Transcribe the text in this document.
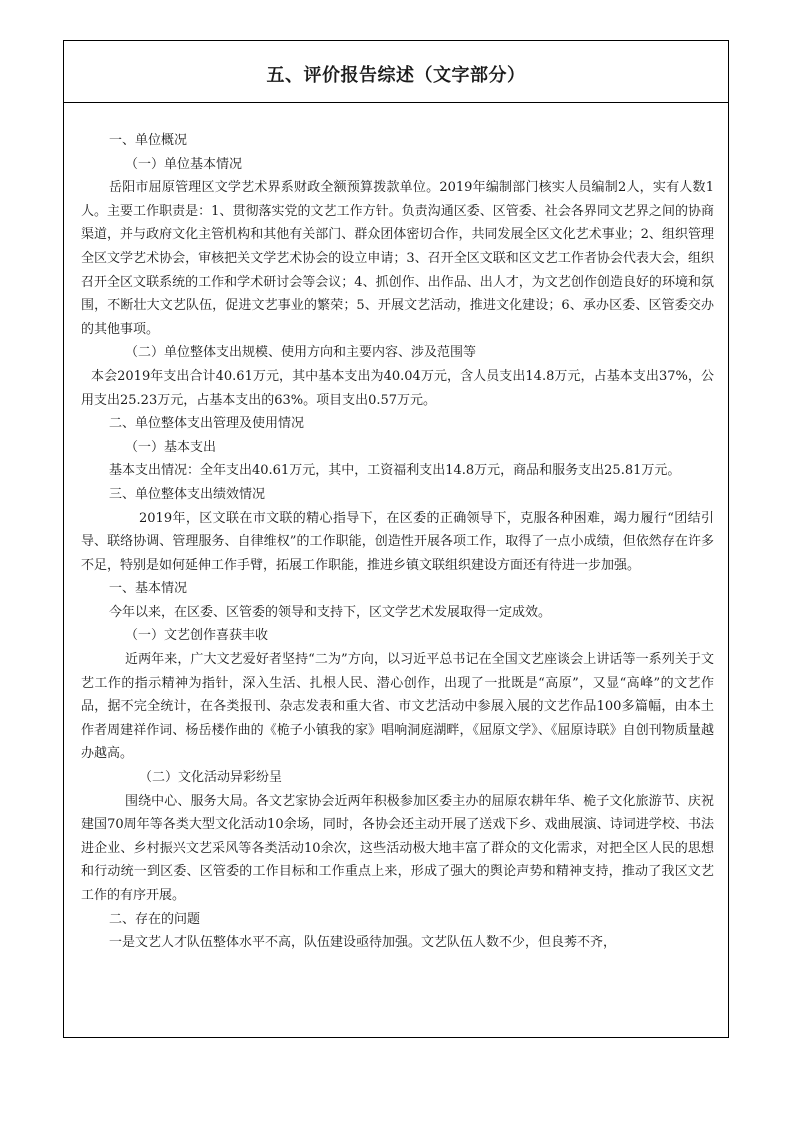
五、评价报告综述（文字部分）

一、单位概况

（一）单位基本情况

岳阳市屈原管理区文学艺术界系财政全额预算拨款单位。2019年编制部门核实人员编制2人，实有人数1人。主要工作职责是：1、贯彻落实党的文艺工作方针。负责沟通区委、区管委、社会各界同文艺界之间的协商渠道，并与政府文化主管机构和其他有关部门、群众团体密切合作，共同发展全区文化艺术事业；2、组织管理全区文学艺术协会，审核把关文学艺术协会的设立申请；3、召开全区文联和区文艺工作者协会代表大会，组织召开全区文联系统的工作和学术研讨会等会议；4、抓创作、出作品、出人才，为文艺创作创造良好的环境和氛围，不断壮大文艺队伍，促进文艺事业的繁荣；5、开展文艺活动，推进文化建设；6、承办区委、区管委交办的其他事项。

（二）单位整体支出规模、使用方向和主要内容、涉及范围等

本会2019年支出合计40.61万元，其中基本支出为40.04万元，含人员支出14.8万元，占基本支出37%，公用支出25.23万元，占基本支出的63%。项目支出0.57万元。

二、单位整体支出管理及使用情况

（一）基本支出

基本支出情况：全年支出40.61万元，其中，工资福利支出14.8万元，商品和服务支出25.81万元。

三、单位整体支出绩效情况

2019年，区文联在市文联的精心指导下，在区委的正确领导下，克服各种困难，竭力履行“团结引导、联络协调、管理服务、自律维权”的工作职能，创造性开展各项工作，取得了一点小成绩，但依然存在许多不足，特别是如何延伸工作手臂，拓展工作职能，推进乡镇文联组织建设方面还有待进一步加强。

一、基本情况

今年以来，在区委、区管委的领导和支持下，区文学艺术发展取得一定成效。

（一）文艺创作喜获丰收

近两年来，广大文艺爱好者坚持“二为”方向，以习近平总书记在全国文艺座谈会上讲话等一系列关于文艺工作的指示精神为指针，深入生活、扎根人民、潜心创作，出现了一批既是“高原”，又显“高峰”的文艺作品，据不完全统计，在各类报刊、杂志发表和重大省、市文艺活动中参展入展的文艺作品100多篇幅，由本土作者周建祥作词、杨岳楼作曲的《桅子小镇我的家》唱响洞庭湖畔，《屈原文学》、《屈原诗联》自创刊物质量越办越高。

（二）文化活动异彩纷呈

围绕中心、服务大局。各文艺家协会近两年积极参加区委主办的屈原农耕年华、桅子文化旅游节、庆祝建国70周年等各类大型文化活动10余场，同时，各协会还主动开展了送戏下乡、戏曲展演、诗词进学校、书法进企业、乡村振兴文艺采风等各类活动10余次，这些活动极大地丰富了群众的文化需求，对把全区人民的思想和行动统一到区委、区管委的工作目标和工作重点上来，形成了强大的舆论声势和精神支持，推动了我区文艺工作的有序开展。

二、存在的问题

一是文艺人才队伍整体水平不高，队伍建设亟待加强。文艺队伍人数不少，但良莠不齐，
